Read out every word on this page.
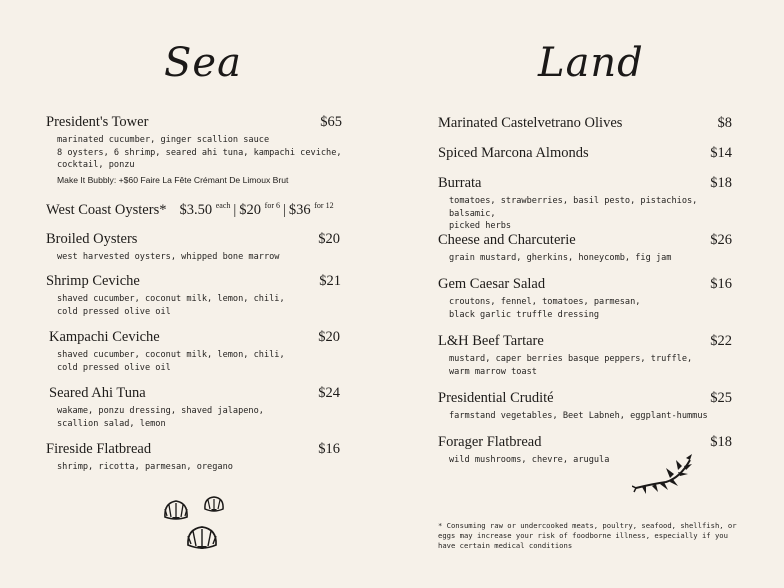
Sea
President's Tower	$65
marinated cucumber, ginger scallion sauce
8 oysters, 6 shrimp, seared ahi tuna, kampachi ceviche, cocktail, ponzu
Make It Bubbly: +$60 Faire La Fête Crémant De Limoux Brut
West Coast Oysters* $3.50 $^{each}$ | $20 $^{for 6}$ | $36 $^{for 12}$
Broiled Oysters	$20
west harvested oysters, whipped bone marrow
Shrimp Ceviche	$21
shaved cucumber, coconut milk, lemon, chili,
cold pressed olive oil
Kampachi Ceviche	$20
shaved cucumber, coconut milk, lemon, chili,
cold pressed olive oil
Seared Ahi Tuna	$24
wakame, ponzu dressing, shaved jalapeno,
scallion salad, lemon
Fireside Flatbread	$16
shrimp, ricotta, parmesan, oregano
Land
Marinated Castelvetrano Olives	$8
Spiced Marcona Almonds	$14
Burrata	$18
tomatoes, strawberries, basil pesto, pistachios, balsamic,
picked herbs
Cheese and Charcuterie	$26
grain mustard, gherkins, honeycomb, fig jam
Gem Caesar Salad	$16
croutons, fennel, tomatoes, parmesan,
black garlic truffle dressing
L&H Beef Tartare	$22
mustard, caper berries basque peppers, truffle,
warm marrow toast
Presidential Crudité	$25
farmstand vegetables, Beet Labneh, eggplant-hummus
Forager Flatbread	$18
wild mushrooms, chevre, arugula
* Consuming raw or undercooked meats, poultry, seafood, shellfish, or eggs may increase your risk of foodborne illness, especially if you have certain medical conditions
